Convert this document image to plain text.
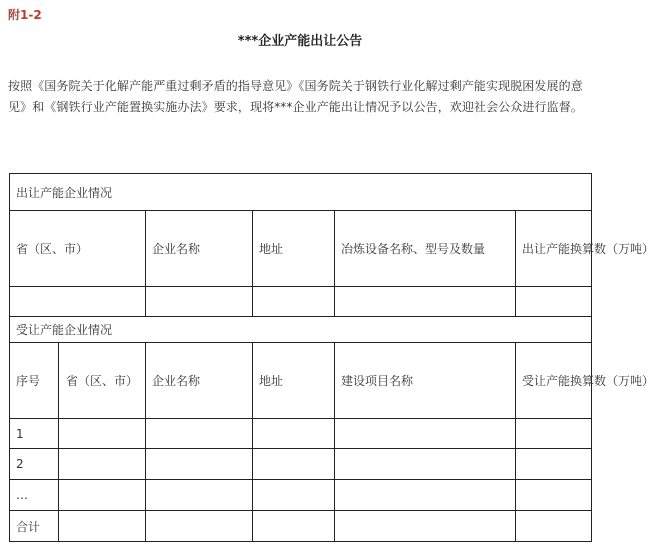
附1-2
***企业产能出让公告
按照《国务院关于化解产能严重过剩矛盾的指导意见》《国务院关于钢铁行业化解过剩产能实现脱困发展的意见》和《钢铁行业产能置换实施办法》要求，现将***企业产能出让情况予以公告，欢迎社会公众进行监督。
出让产能企业情况					
省（区、市）		企业名称	地址	冶炼设备名称、型号及数量	出让产能换算数（万吨）

受让产能企业情况					
序号	省（区、市）	企业名称	地址	建设项目名称	受让产能换算数（万吨）
1					
2					
…					
合计					
